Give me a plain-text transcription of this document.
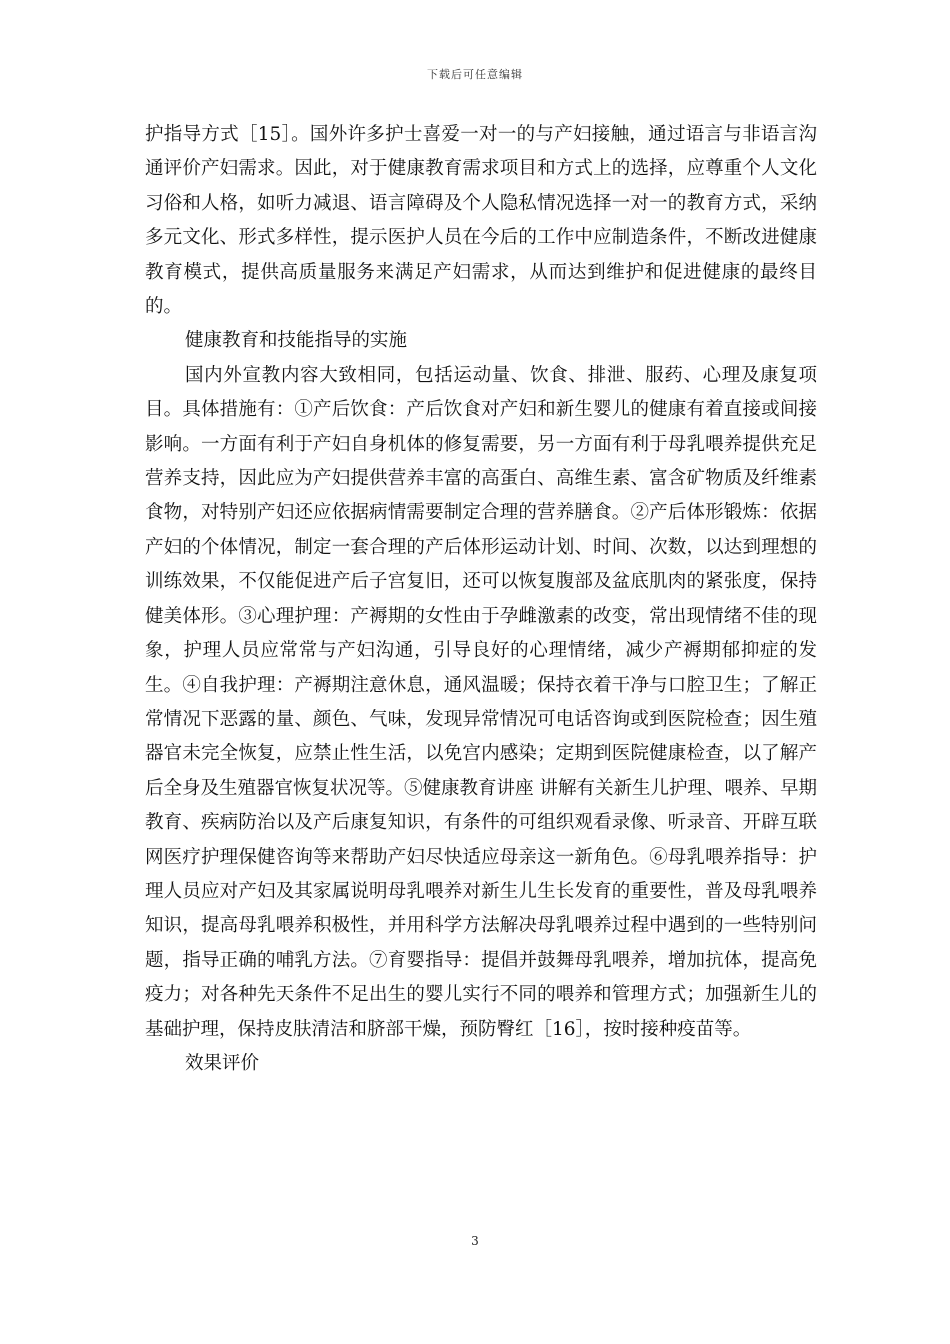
下载后可任意编辑

护指导方式［15］。国外许多护士喜爱一对一的与产妇接触，通过语言与非语言沟通评价产妇需求。因此，对于健康教育需求项目和方式上的选择，应尊重个人文化习俗和人格，如听力减退、语言障碍及个人隐私情况选择一对一的教育方式，采纳多元文化、形式多样性，提示医护人员在今后的工作中应制造条件，不断改进健康教育模式，提供高质量服务来满足产妇需求，从而达到维护和促进健康的最终目的。

健康教育和技能指导的实施

国内外宣教内容大致相同，包括运动量、饮食、排泄、服药、心理及康复项目。具体措施有：①产后饮食：产后饮食对产妇和新生婴儿的健康有着直接或间接影响。一方面有利于产妇自身机体的修复需要，另一方面有利于母乳喂养提供充足营养支持，因此应为产妇提供营养丰富的高蛋白、高维生素、富含矿物质及纤维素食物，对特别产妇还应依据病情需要制定合理的营养膳食。②产后体形锻炼：依据产妇的个体情况，制定一套合理的产后体形运动计划、时间、次数，以达到理想的训练效果，不仅能促进产后子宫复旧，还可以恢复腹部及盆底肌肉的紧张度，保持健美体形。③心理护理：产褥期的女性由于孕雌激素的改变，常出现情绪不佳的现象，护理人员应常常与产妇沟通，引导良好的心理情绪，减少产褥期郁抑症的发生。④自我护理：产褥期注意休息，通风温暖；保持衣着干净与口腔卫生；了解正常情况下恶露的量、颜色、气味，发现异常情况可电话咨询或到医院检查；因生殖器官未完全恢复，应禁止性生活，以免宫内感染；定期到医院健康检查，以了解产后全身及生殖器官恢复状况等。⑤健康教育讲座 讲解有关新生儿护理、喂养、早期教育、疾病防治以及产后康复知识，有条件的可组织观看录像、听录音、开辟互联网医疗护理保健咨询等来帮助产妇尽快适应母亲这一新角色。⑥母乳喂养指导：护理人员应对产妇及其家属说明母乳喂养对新生儿生长发育的重要性，普及母乳喂养知识，提高母乳喂养积极性，并用科学方法解决母乳喂养过程中遇到的一些特别问题，指导正确的哺乳方法。⑦育婴指导：提倡并鼓舞母乳喂养，增加抗体，提高免疫力；对各种先天条件不足出生的婴儿实行不同的喂养和管理方式；加强新生儿的基础护理，保持皮肤清洁和脐部干燥，预防臀红［16］，按时接种疫苗等。

效果评价

3
